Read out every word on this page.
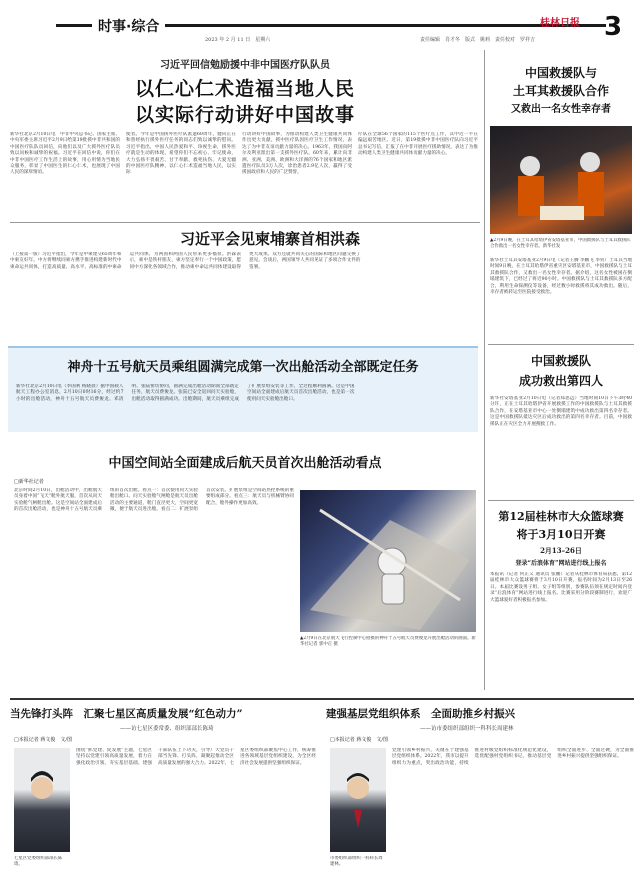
时事·综合	桂林日报 3
2023 年 2 月 11 日　星期六	责任编辑　肖才冬　版式　姚莉　责任校对　罗祥吉
习近平回信勉励援中非中国医疗队队员
以仁心仁术造福当地人民
以实际行动讲好中国故事
新华社北京2月10日电　中非中央总书记、国家主席、中央军委主席习近平2月9日给第19批援中非共和国的中国医疗队队员回信，向他们以及广大援外医疗队员致以问候和诚挚的祝福。习近平在回信中说，你们在中非中国医疗工作生活上的故事，用心用情为当地民众服务，彰显了中国医生的仁心仁术，也展现了中国人民的深厚情谊。
使者。今年是中国援外医疗队派遣60周年，健向正在和曾经执行援外医疗任务的同志们致以诚挚的慰问。习近平指出，中国人民热爱和平、珍视生命，援外医疗就是生动的体现。希望你们不忘初心、牢记使命，大力弘扬不畏艰苦、甘于奉献、救死扶伤、大爱无疆的中国医疗队精神，以仁心仁术造福当地人民，以实际
行动讲好中国故事，为推动构建人类卫生健康共同体作出更大贡献。援中医疗队因医疗卫生工作情况，表达了为中非友谊贡献力量的决心。1963年，我国向阿尔及利亚派出第一支援外医疗队。60年来，累计向非洲、亚洲、美洲、欧洲和大洋洲的76个国家和地区派遣医疗队员3万人次，诊治患者2.9亿人次，赢得了受援国政府和人民的广泛赞誉。
疗队在全球56个国家的115个医疗点工作，其中近一半在偏远艰苦地区。近日，第19批援中非中国医疗队向习近平总书记写信，汇报了在中非开展医疗援助情况，表达了为推动构建人类卫生健康共同体贡献力量的决心。
习近平会见柬埔寨首相洪森
（上接第一版）习近平指出，今年是中柬建交65周年和中柬友好年。中方将继续同柬方携手推进构建新时代中柬命运共同体，打造高质量、高水平、高标准的中柬命运共同体，为两国和两国人民带来更多福祉。洪森表示，柬中是铁杆朋友，柬方坚定奉行一个中国政策，愿同中方深化各领域合作，推动柬中命运共同体建设取得更大成果。双方还就共同关心的国际和地区问题交换了意见。会谈后，两国领导人共同见证了多项合作文件的签署。
神舟十五号航天员乘组圆满完成第一次出舱活动全部既定任务
新华社北京2月10日电（李国利 杨晓晨）据中国载人航天工程办公室消息，2月10日0时16分，经过约7小时的出舱活动，神舟十五号航天员费俊龙、邓清明、张陆密切协同，圆满完成出舱活动期间全部既定任务，航天员费俊龙、张陆已安全返回问天实验舱，出舱活动取得圆满成功。出舱期间，航天员乘组完成了扩展泵组安装等工作，全过程顺利圆满。这是中国空间站全面建成后航天员首次出舱活动，也是第一次使用问天实验舱出舱口。
中国空间站全面建成后航天员首次出舱活动看点
□新华社记者
北京时间2月10日，出舱活动中，出舱航天员身着中国“飞天”舱外航天服，首次从问天实验舱气闸舱出舱。这是空间站全面建成后的首次出舱活动，也是神舟十五号航天员乘组的首次出舱。看点一：首次使用问天实验舱出舱口。问天实验舱气闸舱是航天员出舱活动的主要通道，舱门直径更大，空间更宽敞，便于航天员进出舱。看点二：扩展泵组首次安装。扩展泵组是空间站热控系统的重要组成部分。看点三：航天员与机械臂协同配合，舱外操作更加高效。
▲2月9日在北京航天飞行控制中心拍摄的神舟十五号航天员费俊龙开展出舱活动的画面。新华社记者 郭中正 摄
中国救援队与
土耳其救援队合作
又救出一名女性幸存者
▲2月9日晚，在土耳其哈塔伊省安塔基亚市，中国救援队与土耳其救援队合作救出一名女性幸存者。新华社发
新华社土耳其安塔基亚2月9日电（记者王腾 李鹏飞 李钊）土耳其当地时间9日晚，在土耳其哈塔伊省重灾区安塔基亚市，中国救援队与土耳其救援队合作，又救出一名女性幸存者。据介绍，这名女性被困在倒塌建筑下，已经过了将近90小时。中国救援队与土耳其救援队多方配合，利用生命探测仪等设备，经过数小时救援将其成功救出。随后，幸存者被转运至医院接受救治。
中国救援队
成功救出第四人
新华社安塔基亚2月10日电（记者郑思远）当地时间10日下午3时40分许，正在土耳其哈塔伊省开展救援工作的中国救援队与土耳其救援队合作，在安塔基亚市中心一处倒塌建筑中成功救出第四名幸存者。这是中国救援队抵达灾区后成功救出的第四名幸存者。目前，中国救援队正在灾区全力开展搜救工作。
第12届桂林市大众篮球赛
将于3月10日开赛
2月13–26日
登录“后浪体育”网站进行线上报名
本报讯（记者 何正义 通讯员 张鹏）记者从桂林市体育局获悉，第12届桂林市大众篮球赛将于3月10日开赛，报名时间为2月13日至26日。本届比赛设男子组、女子组等组别，参赛队伍须在规定时间内登录“后浪体育”网站进行线上报名。比赛采用分阶段赛制进行，欢迎广大篮球爱好者积极报名参加。
当先锋打头阵　汇聚七星区高质量发展“红色动力”
——访七星区委常委、组织部部长陈琦
□本报记者 蒋文俊　文/图
七星区党委组织部部长陈琦。
围绕“抓党建、促发展”主题，七星区坚持以党建引领高质量发展，着力在强化政治引领、夯实基层基础、建强干部队伍上下功夫，引导广大党员干部当先锋、打头阵，凝聚起推动全区高质量发展的强大合力。2022年，七星区委组织部聚焦中心工作，统筹推进各领域基层党组织建设，为全区经济社会发展提供坚强组织保证。
建强基层党组织体系　全面助推乡村振兴
——访市委组织部组织一科科长周建林
□本报记者 蒋文俊　文/图
市委组织部组织一科科长周建林。
党建引领乡村振兴，关键在于建强基层党组织体系。2022年，我市以提升组织力为重点，突出政治功能，持续推进村级党组织标准化规范化建设，选优配强村党组织书记，推动基层党组织全面进步、全面过硬，为全面推进乡村振兴提供坚强组织保证。
